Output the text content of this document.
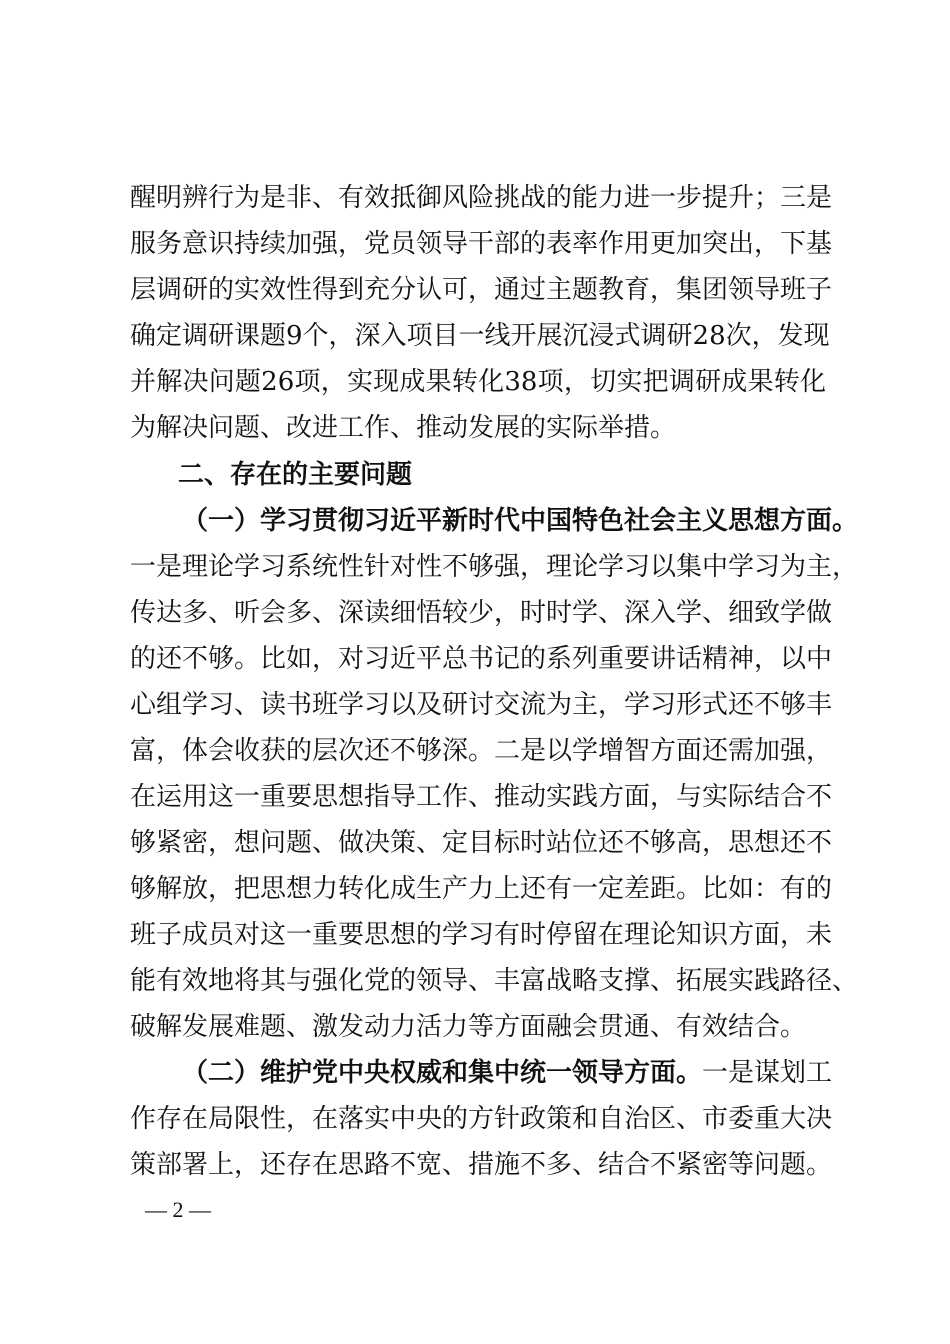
醒明辨行为是非、有效抵御风险挑战的能力进一步提升；三是
服务意识持续加强，党员领导干部的表率作用更加突出，下基
层调研的实效性得到充分认可，通过主题教育，集团领导班子
确定调研课题9个，深入项目一线开展沉浸式调研28次，发现
并解决问题26项，实现成果转化38项，切实把调研成果转化
为解决问题、改进工作、推动发展的实际举措。
二、存在的主要问题
（一）学习贯彻习近平新时代中国特色社会主义思想方面。
一是理论学习系统性针对性不够强，理论学习以集中学习为主，
传达多、听会多、深读细悟较少，时时学、深入学、细致学做
的还不够。比如，对习近平总书记的系列重要讲话精神，以中
心组学习、读书班学习以及研讨交流为主，学习形式还不够丰
富，体会收获的层次还不够深。二是以学增智方面还需加强，
在运用这一重要思想指导工作、推动实践方面，与实际结合不
够紧密，想问题、做决策、定目标时站位还不够高，思想还不
够解放，把思想力转化成生产力上还有一定差距。比如：有的
班子成员对这一重要思想的学习有时停留在理论知识方面，未
能有效地将其与强化党的领导、丰富战略支撑、拓展实践路径、
破解发展难题、激发动力活力等方面融会贯通、有效结合。
（二）维护党中央权威和集中统一领导方面。一是谋划工
作存在局限性，在落实中央的方针政策和自治区、市委重大决
策部署上，还存在思路不宽、措施不多、结合不紧密等问题。
— 2 —
